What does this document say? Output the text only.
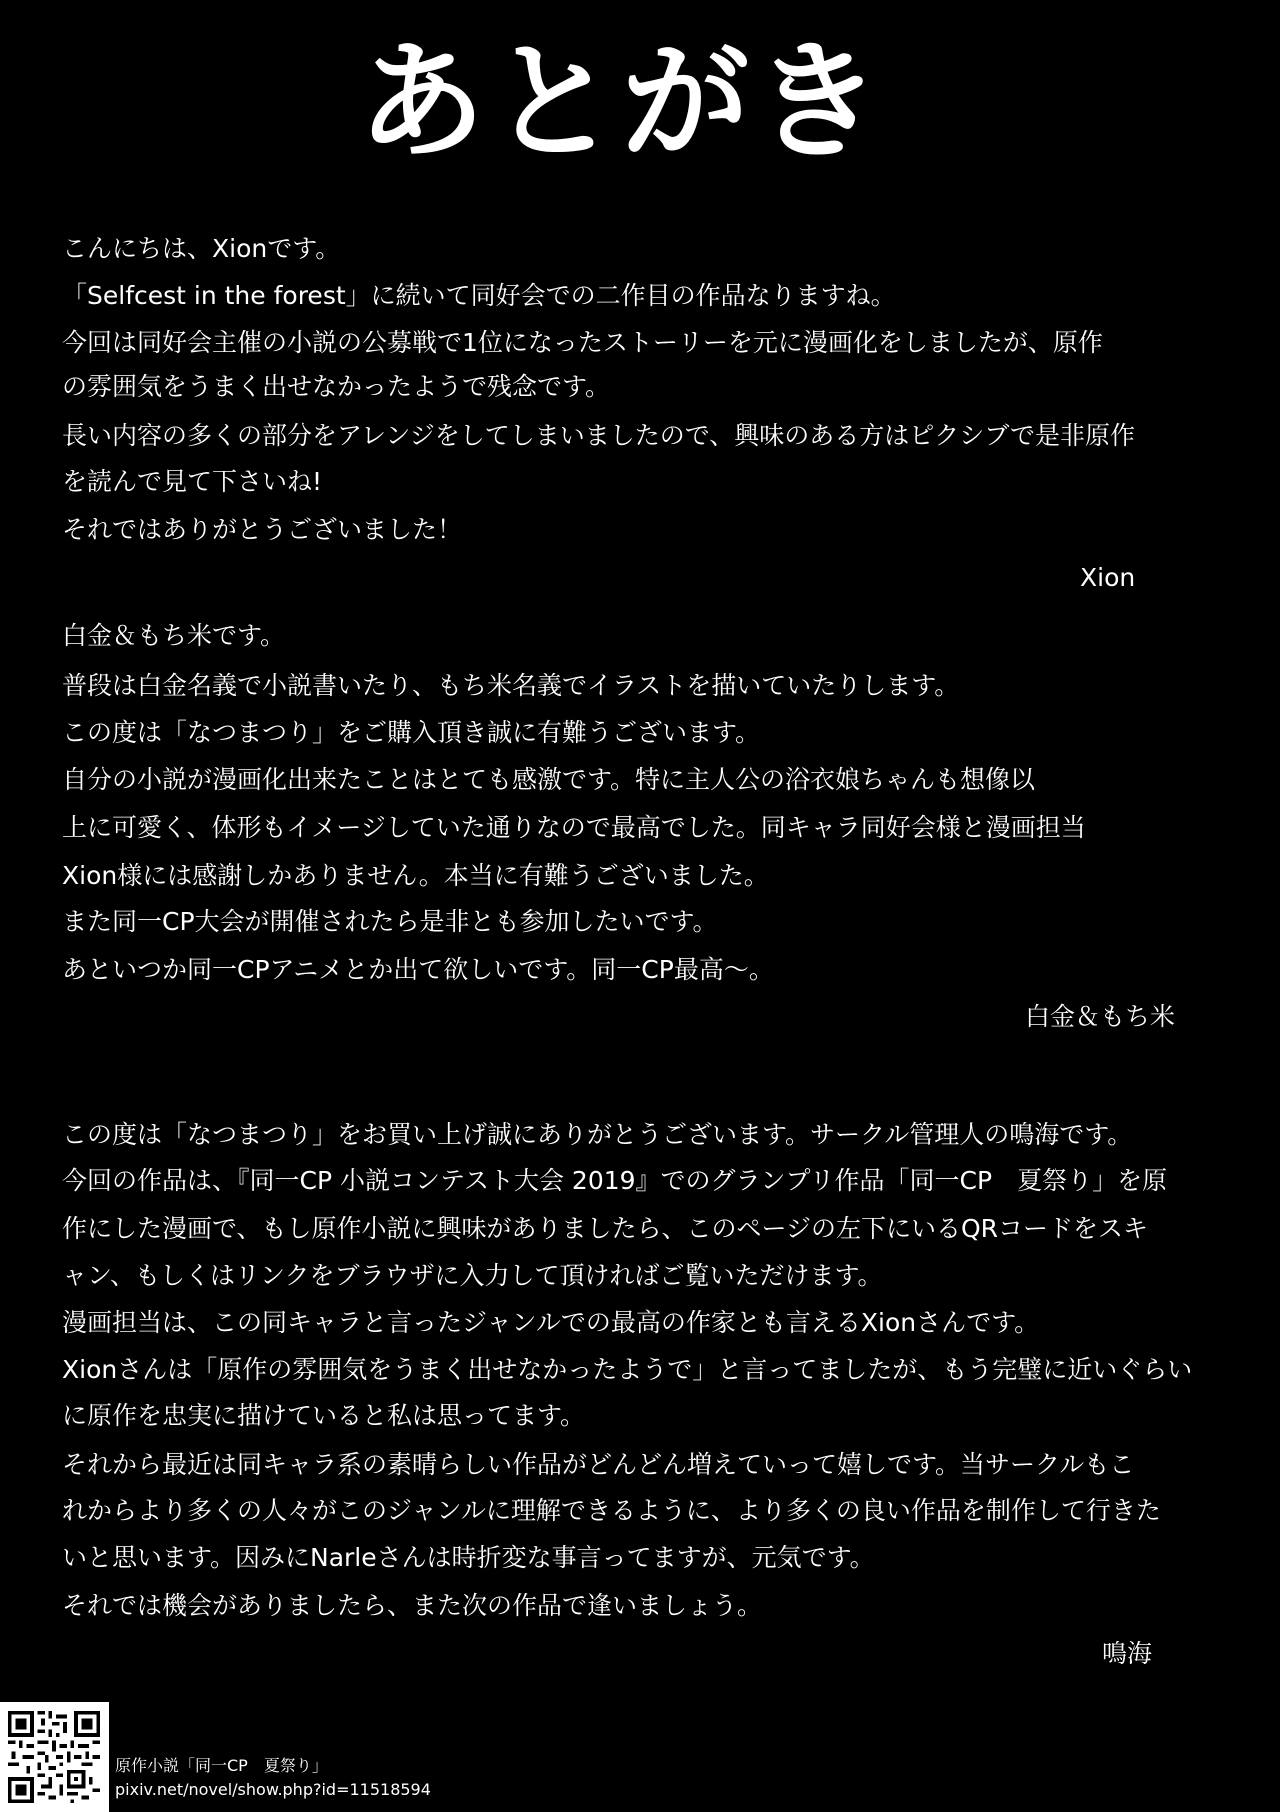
あとがき
こんにちは、Xionです。
「Selfcest in the forest」に続いて同好会での二作目の作品なりますね。
今回は同好会主催の小説の公募戦で1位になったストーリーを元に漫画化をしましたが、原作
の雰囲気をうまく出せなかったようで残念です。
長い内容の多くの部分をアレンジをしてしまいましたので、興味のある方はピクシブで是非原作
を読んで見て下さいね!
それではありがとうございました！
Xion
白金＆もち米です。
普段は白金名義で小説書いたり、もち米名義でイラストを描いていたりします。
この度は「なつまつり」をご購入頂き誠に有難うございます。
自分の小説が漫画化出来たことはとても感激です。特に主人公の浴衣娘ちゃんも想像以
上に可愛く、体形もイメージしていた通りなので最高でした。同キャラ同好会様と漫画担当
Xion様には感謝しかありません。本当に有難うございました。
また同一CP大会が開催されたら是非とも参加したいです。
あといつか同一CPアニメとか出て欲しいです。同一CP最高～。
白金＆もち米
この度は「なつまつり」をお買い上げ誠にありがとうございます。サークル管理人の鳴海です。
今回の作品は、『同一CP 小説コンテスト大会 2019』でのグランプリ作品「同一CP　夏祭り」を原
作にした漫画で、もし原作小説に興味がありましたら、このページの左下にいるQRコードをスキ
ャン、もしくはリンクをブラウザに入力して頂ければご覧いただけます。
漫画担当は、この同キャラと言ったジャンルでの最高の作家とも言えるXionさんです。
Xionさんは「原作の雰囲気をうまく出せなかったようで」と言ってましたが、もう完璧に近いぐらい
に原作を忠実に描けていると私は思ってます。
それから最近は同キャラ系の素晴らしい作品がどんどん増えていって嬉しです。当サークルもこ
れからより多くの人々がこのジャンルに理解できるように、より多くの良い作品を制作して行きた
いと思います。因みにNarleさんは時折変な事言ってますが、元気です。
それでは機会がありましたら、また次の作品で逢いましょう。
鳴海
原作小説「同一CP　夏祭り」
pixiv.net/novel/show.php?id=11518594
